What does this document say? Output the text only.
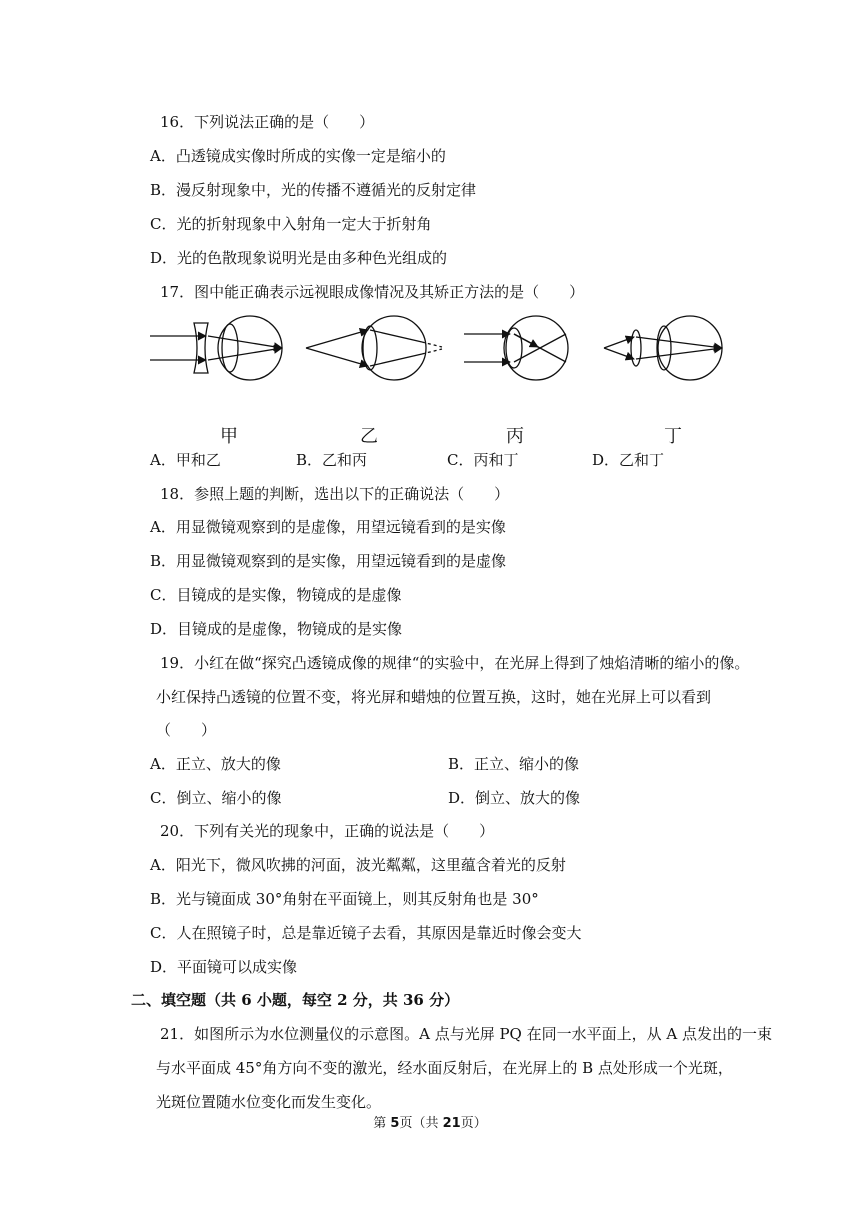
16．下列说法正确的是（　　）
A．凸透镜成实像时所成的实像一定是缩小的
B．漫反射现象中，光的传播不遵循光的反射定律
C．光的折射现象中入射角一定大于折射角
D．光的色散现象说明光是由多种色光组成的
17．图中能正确表示远视眼成像情况及其矫正方法的是（　　）
甲	乙	丙	丁
A．甲和乙	B．乙和丙	C．丙和丁	D．乙和丁
18．参照上题的判断，选出以下的正确说法（　　）
A．用显微镜观察到的是虚像，用望远镜看到的是实像
B．用显微镜观察到的是实像，用望远镜看到的是虚像
C．目镜成的是实像，物镜成的是虚像
D．目镜成的是虚像，物镜成的是实像
19．小红在做“探究凸透镜成像的规律“的实验中，在光屏上得到了烛焰清晰的缩小的像。
小红保持凸透镜的位置不变，将光屏和蜡烛的位置互换，这时，她在光屏上可以看到
（　　）
A．正立、放大的像	B．正立、缩小的像
C．倒立、缩小的像	D．倒立、放大的像
20．下列有关光的现象中，正确的说法是（　　）
A．阳光下，微风吹拂的河面，波光粼粼，这里蕴含着光的反射
B．光与镜面成 30°角射在平面镜上，则其反射角也是 30°
C．人在照镜子时，总是靠近镜子去看，其原因是靠近时像会变大
D．平面镜可以成实像
二、填空题（共 6 小题，每空 2 分，共 36 分）
21．如图所示为水位测量仪的示意图。A 点与光屏 PQ 在同一水平面上，从 A 点发出的一束
与水平面成 45°角方向不变的激光，经水面反射后，在光屏上的 B 点处形成一个光斑，
光斑位置随水位变化而发生变化。
第 5页（共 21页）
